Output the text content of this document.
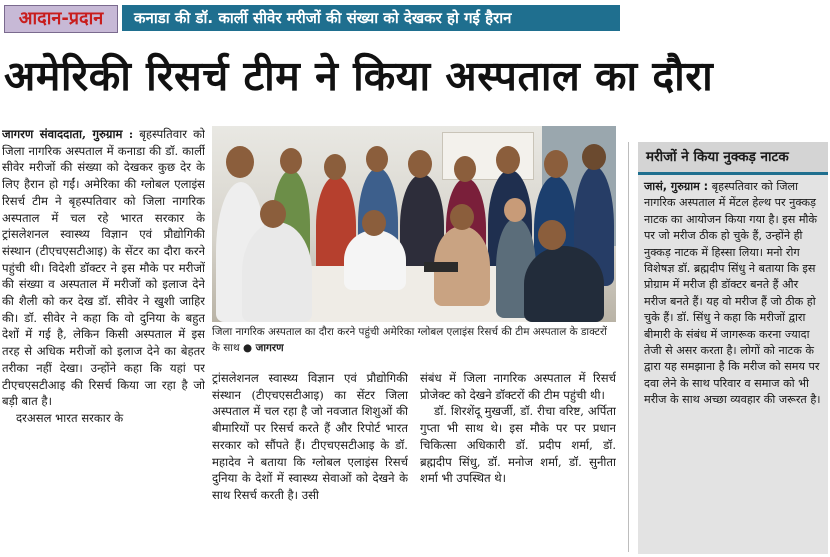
आदान-प्रदान	कनाडा की डॉ. कार्ली सीवेर मरीजों की संख्या को देखकर हो गई हैरान
अमेरिकी रिसर्च टीम ने किया अस्पताल का दौरा

जागरण संवाददाता, गुरुग्राम : बृहस्पतिवार को जिला नागरिक अस्पताल में कनाडा की डॉ. कार्ली सीवेर मरीजों की संख्या को देखकर कुछ देर के लिए हैरान हो गईं। अमेरिका की ग्लोबल एलाइंस रिसर्च टीम ने बृहस्पतिवार को जिला नागरिक अस्पताल में चल रहे भारत सरकार के ट्रांसलेशनल स्वास्थ्य विज्ञान एवं प्रौद्योगिकी संस्थान (टीएचएसटीआइ) के सेंटर का दौरा करने पहुंची थी। विदेशी डॉक्टर ने इस मौके पर मरीजों की संख्या व अस्पताल में मरीजों को इलाज देने की शैली को कर देख डॉ. सीवेर ने खुशी जाहिर की। डॉ. सीवेर ने कहा कि वो दुनिया के बहुत देशों में गई है, लेकिन किसी अस्पताल में इस तरह से अधिक मरीजों को इलाज देने का बेहतर तरीका नहीं देखा। उन्होंने कहा कि यहां पर टीएचएसटीआइ की रिसर्च किया जा रहा है जो बड़ी बात है।

दरअसल भारत सरकार के

जिला नागरिक अस्पताल का दौरा करने पहुंची अमेरिका ग्लोबल एलाइंस रिसर्च की टीम अस्पताल के डाक्टरों के साथ ● जागरण

ट्रांसलेशनल स्वास्थ्य विज्ञान एवं प्रौद्योगिकी संस्थान (टीएचएसटीआइ) का सेंटर जिला अस्पताल में चल रहा है जो नवजात शिशुओं की बीमारियों पर रिसर्च करते हैं और रिपोर्ट भारत सरकार को सौंपते हैं। टीएचएसटीआइ के डॉ. महादेव ने बताया कि ग्लोबल एलाइंस रिसर्च दुनिया के देशों में स्वास्थ्य सेवाओं को देखने के साथ रिसर्च करती है। उसी

संबंध में जिला नागरिक अस्पताल में रिसर्च प्रोजेक्ट को देखने डॉक्टरों की टीम पहुंची थी।

डॉ. शिरशेंदू मुखर्जी, डॉ. रीचा वरिष्ट, अर्पिता गुप्ता भी साथ थे। इस मौके पर पर प्रधान चिकित्सा अधिकारी डॉ. प्रदीप शर्मा, डॉ. ब्रह्मदीप सिंधु, डॉ. मनोज शर्मा, डॉ. सुनीता शर्मा भी उपस्थित थे।

मरीजों ने किया नुक्कड़ नाटक
जासं, गुरुग्राम : बृहस्पतिवार को जिला नागरिक अस्पताल में मेंटल हेल्थ पर नुक्कड़ नाटक का आयोजन किया गया है। इस मौके पर जो मरीज ठीक हो चुके हैं, उन्होंने ही नुक्कड़ नाटक में हिस्सा लिया। मनो रोग विशेषज्ञ डॉ. ब्रह्मदीप सिंधु ने बताया कि इस प्रोग्राम में मरीज ही डॉक्टर बनते हैं और मरीज बनते हैं। यह वो मरीज हैं जो ठीक हो चुके हैं। डॉ. सिंधु ने कहा कि मरीजों द्वारा बीमारी के संबंध में जागरूक करना ज्यादा तेजी से असर करता है। लोगों को नाटक के द्वारा यह समझाना है कि मरीज को समय पर दवा लेने के साथ परिवार व समाज को भी मरीज के साथ अच्छा व्यवहार की जरूरत है।
